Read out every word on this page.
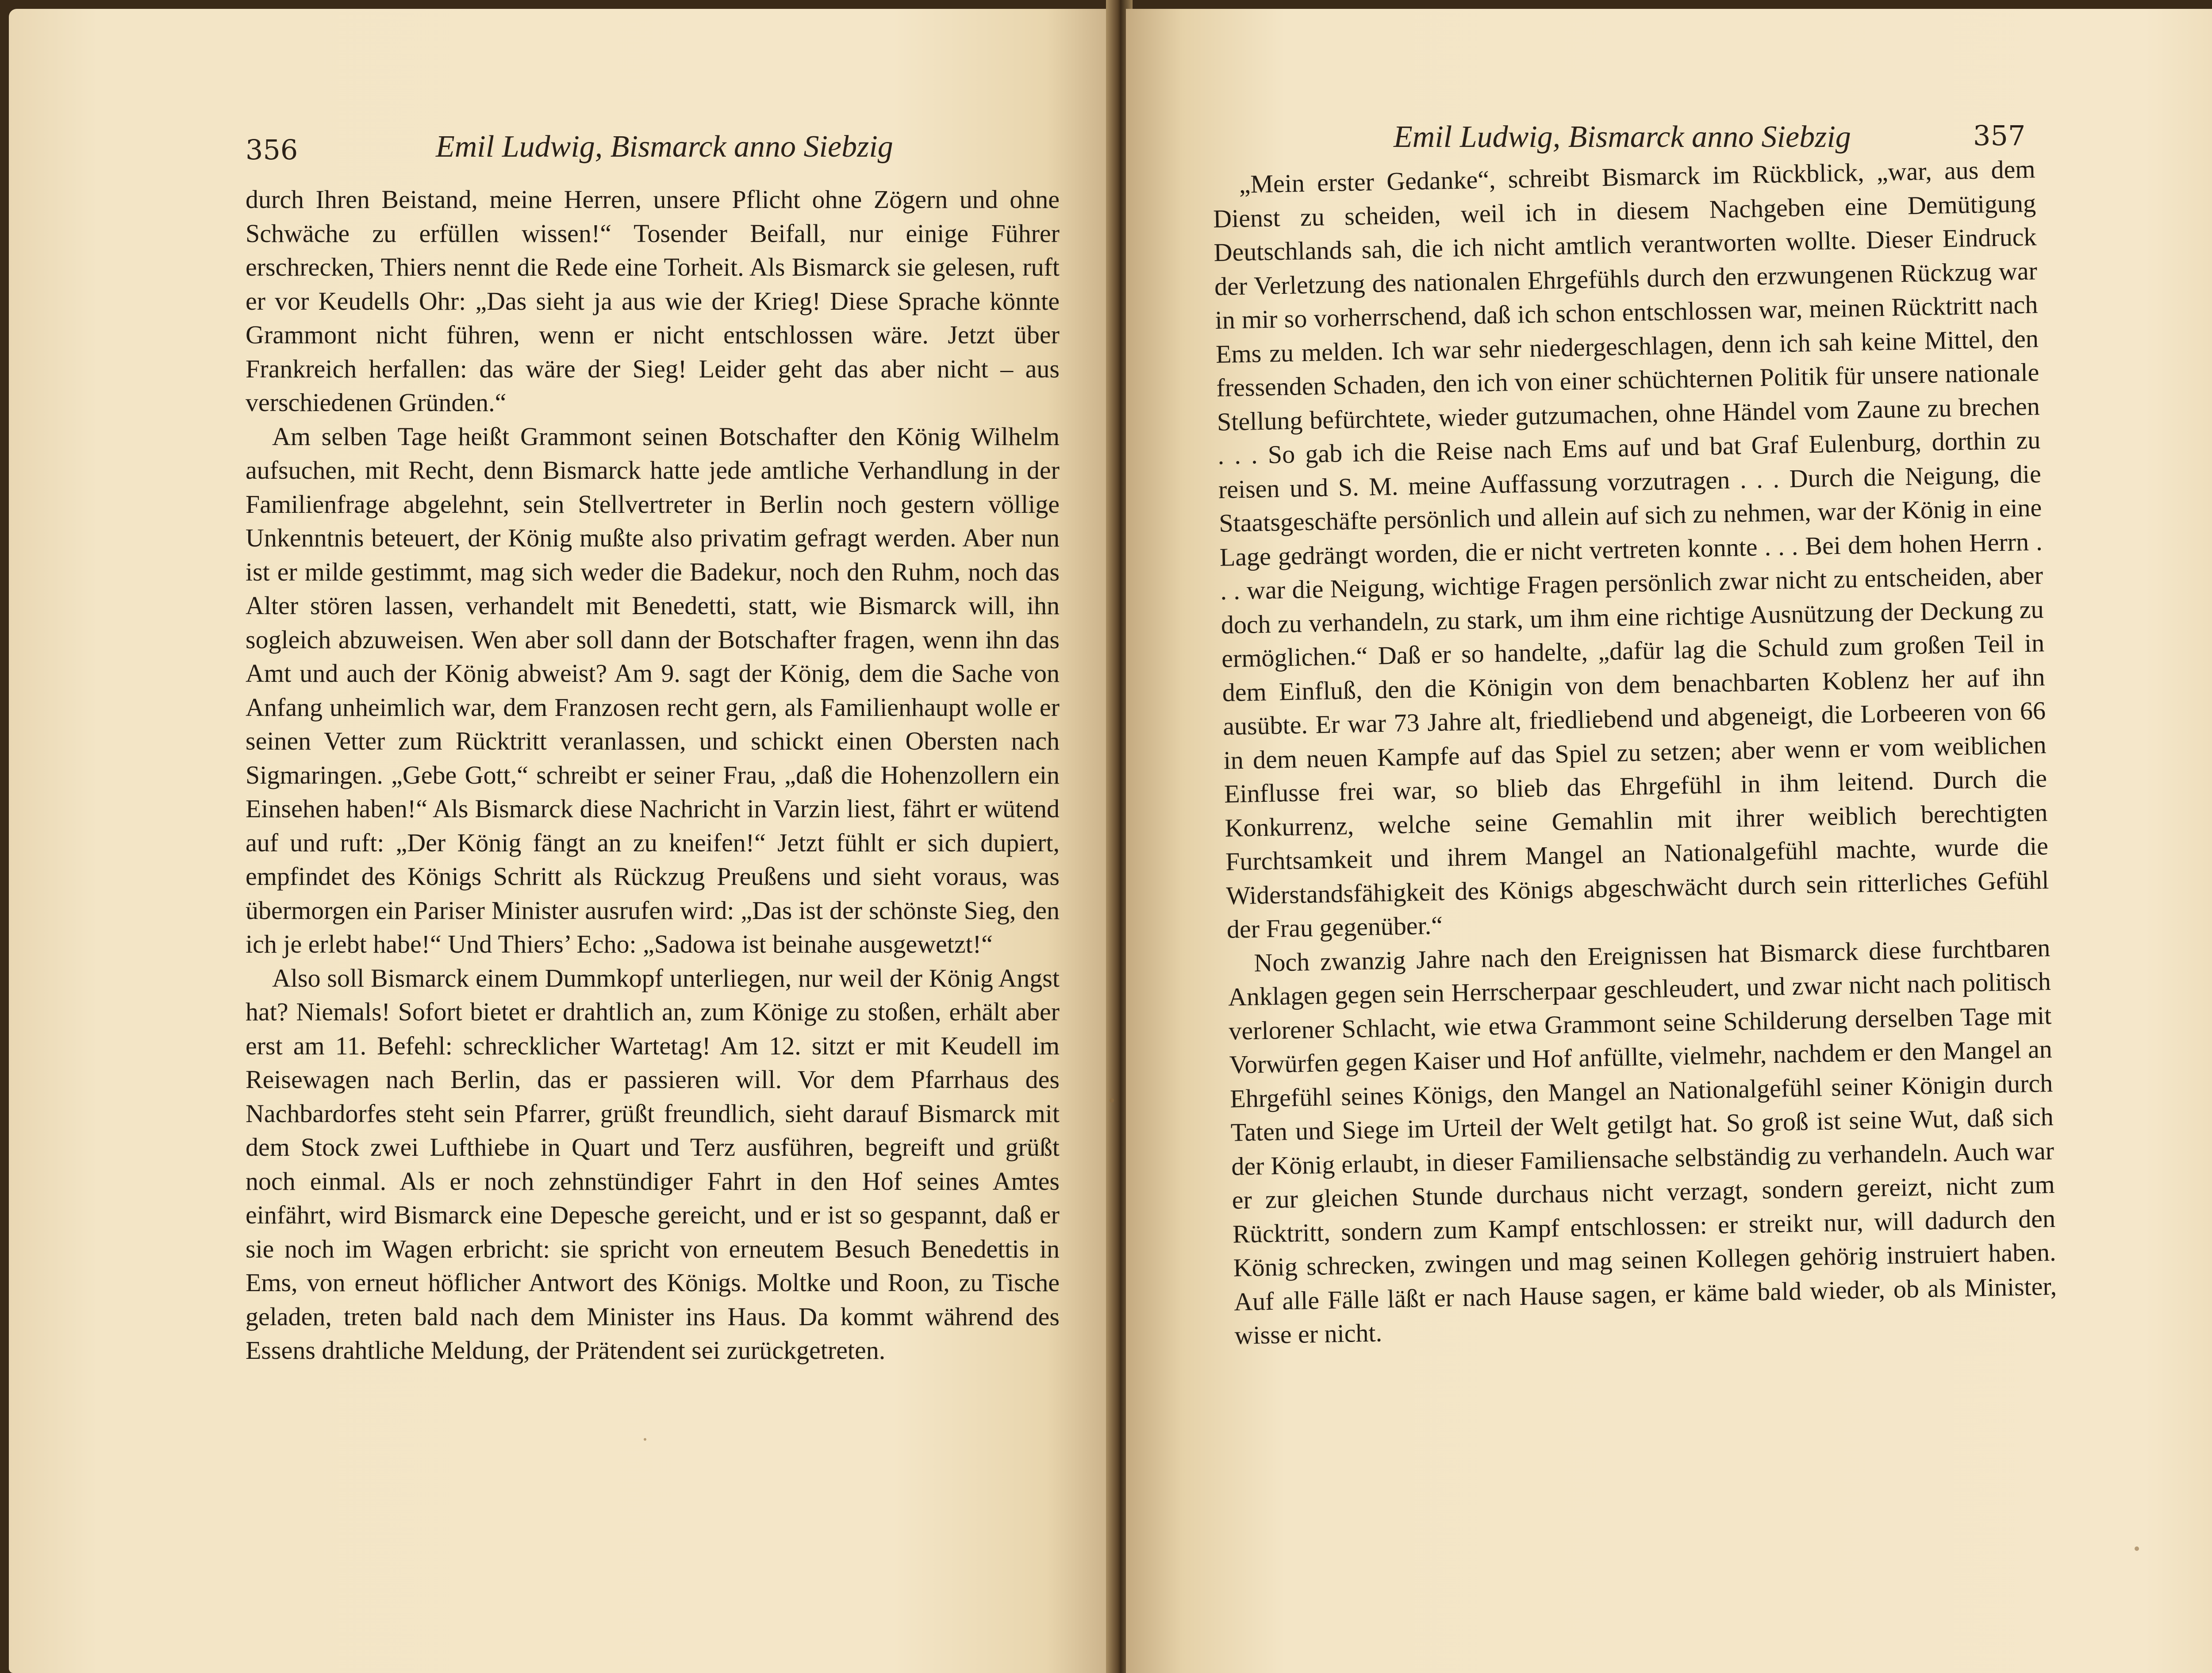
356	Emil Ludwig, Bismarck anno Siebzig

durch Ihren Beistand, meine Herren, unsere Pflicht ohne Zögern und ohne Schwäche zu erfüllen wissen!“ Tosender Beifall, nur einige Führer erschrecken, Thiers nennt die Rede eine Torheit. Als Bismarck sie gelesen, ruft er vor Keudells Ohr: „Das sieht ja aus wie der Krieg! Diese Sprache könnte Grammont nicht führen, wenn er nicht entschlossen wäre. Jetzt über Frankreich herfallen: das wäre der Sieg! Leider geht das aber nicht – aus verschiedenen Gründen.“

Am selben Tage heißt Grammont seinen Botschafter den König Wilhelm aufsuchen, mit Recht, denn Bismarck hatte jede amtliche Verhandlung in der Familienfrage abgelehnt, sein Stellvertreter in Berlin noch gestern völlige Unkenntnis beteuert, der König mußte also privatim gefragt werden. Aber nun ist er milde gestimmt, mag sich weder die Badekur, noch den Ruhm, noch das Alter stören lassen, verhandelt mit Benedetti, statt, wie Bismarck will, ihn sogleich abzuweisen. Wen aber soll dann der Botschafter fragen, wenn ihn das Amt und auch der König abweist? Am 9. sagt der König, dem die Sache von Anfang unheimlich war, dem Franzosen recht gern, als Familienhaupt wolle er seinen Vetter zum Rücktritt veranlassen, und schickt einen Obersten nach Sigmaringen. „Gebe Gott,“ schreibt er seiner Frau, „daß die Hohenzollern ein Einsehen haben!“ Als Bismarck diese Nachricht in Varzin liest, fährt er wütend auf und ruft: „Der König fängt an zu kneifen!“ Jetzt fühlt er sich dupiert, empfindet des Königs Schritt als Rückzug Preußens und sieht voraus, was übermorgen ein Pariser Minister ausrufen wird: „Das ist der schönste Sieg, den ich je erlebt habe!“ Und Thiers’ Echo: „Sadowa ist beinahe ausgewetzt!“

Also soll Bismarck einem Dummkopf unterliegen, nur weil der König Angst hat? Niemals! Sofort bietet er drahtlich an, zum Könige zu stoßen, erhält aber erst am 11. Befehl: schrecklicher Wartetag! Am 12. sitzt er mit Keudell im Reisewagen nach Berlin, das er passieren will. Vor dem Pfarrhaus des Nachbardorfes steht sein Pfarrer, grüßt freundlich, sieht darauf Bismarck mit dem Stock zwei Lufthiebe in Quart und Terz ausführen, begreift und grüßt noch einmal. Als er noch zehnstündiger Fahrt in den Hof seines Amtes einfährt, wird Bismarck eine Depesche gereicht, und er ist so gespannt, daß er sie noch im Wagen erbricht: sie spricht von erneutem Besuch Benedettis in Ems, von erneut höflicher Antwort des Königs. Moltke und Roon, zu Tische geladen, treten bald nach dem Minister ins Haus. Da kommt während des Essens drahtliche Meldung, der Prätendent sei zurückgetreten.

Emil Ludwig, Bismarck anno Siebzig	357

„Mein erster Gedanke“, schreibt Bismarck im Rückblick, „war, aus dem Dienst zu scheiden, weil ich in diesem Nachgeben eine Demütigung Deutschlands sah, die ich nicht amtlich verantworten wollte. Dieser Eindruck der Verletzung des nationalen Ehrgefühls durch den erzwungenen Rückzug war in mir so vorherrschend, daß ich schon entschlossen war, meinen Rücktritt nach Ems zu melden. Ich war sehr niedergeschlagen, denn ich sah keine Mittel, den fressenden Schaden, den ich von einer schüchternen Politik für unsere nationale Stellung befürchtete, wieder gutzumachen, ohne Händel vom Zaune zu brechen . . . So gab ich die Reise nach Ems auf und bat Graf Eulenburg, dorthin zu reisen und S. M. meine Auffassung vorzutragen . . . Durch die Neigung, die Staatsgeschäfte persönlich und allein auf sich zu nehmen, war der König in eine Lage gedrängt worden, die er nicht vertreten konnte . . . Bei dem hohen Herrn . . . war die Neigung, wichtige Fragen persönlich zwar nicht zu entscheiden, aber doch zu verhandeln, zu stark, um ihm eine richtige Ausnützung der Deckung zu ermöglichen.“ Daß er so handelte, „dafür lag die Schuld zum großen Teil in dem Einfluß, den die Königin von dem benachbarten Koblenz her auf ihn ausübte. Er war 73 Jahre alt, friedliebend und abgeneigt, die Lorbeeren von 66 in dem neuen Kampfe auf das Spiel zu setzen; aber wenn er vom weiblichen Einflusse frei war, so blieb das Ehrgefühl in ihm leitend. Durch die Konkurrenz, welche seine Gemahlin mit ihrer weiblich berechtigten Furchtsamkeit und ihrem Mangel an Nationalgefühl machte, wurde die Widerstandsfähigkeit des Königs abgeschwächt durch sein ritterliches Gefühl der Frau gegenüber.“

Noch zwanzig Jahre nach den Ereignissen hat Bismarck diese furchtbaren Anklagen gegen sein Herrscherpaar geschleudert, und zwar nicht nach politisch verlorener Schlacht, wie etwa Grammont seine Schilderung derselben Tage mit Vorwürfen gegen Kaiser und Hof anfüllte, vielmehr, nachdem er den Mangel an Ehrgefühl seines Königs, den Mangel an Nationalgefühl seiner Königin durch Taten und Siege im Urteil der Welt getilgt hat. So groß ist seine Wut, daß sich der König erlaubt, in dieser Familiensache selbständig zu verhandeln. Auch war er zur gleichen Stunde durchaus nicht verzagt, sondern gereizt, nicht zum Rücktritt, sondern zum Kampf entschlossen: er streikt nur, will dadurch den König schrecken, zwingen und mag seinen Kollegen gehörig instruiert haben. Auf alle Fälle läßt er nach Hause sagen, er käme bald wieder, ob als Minister, wisse er nicht.
